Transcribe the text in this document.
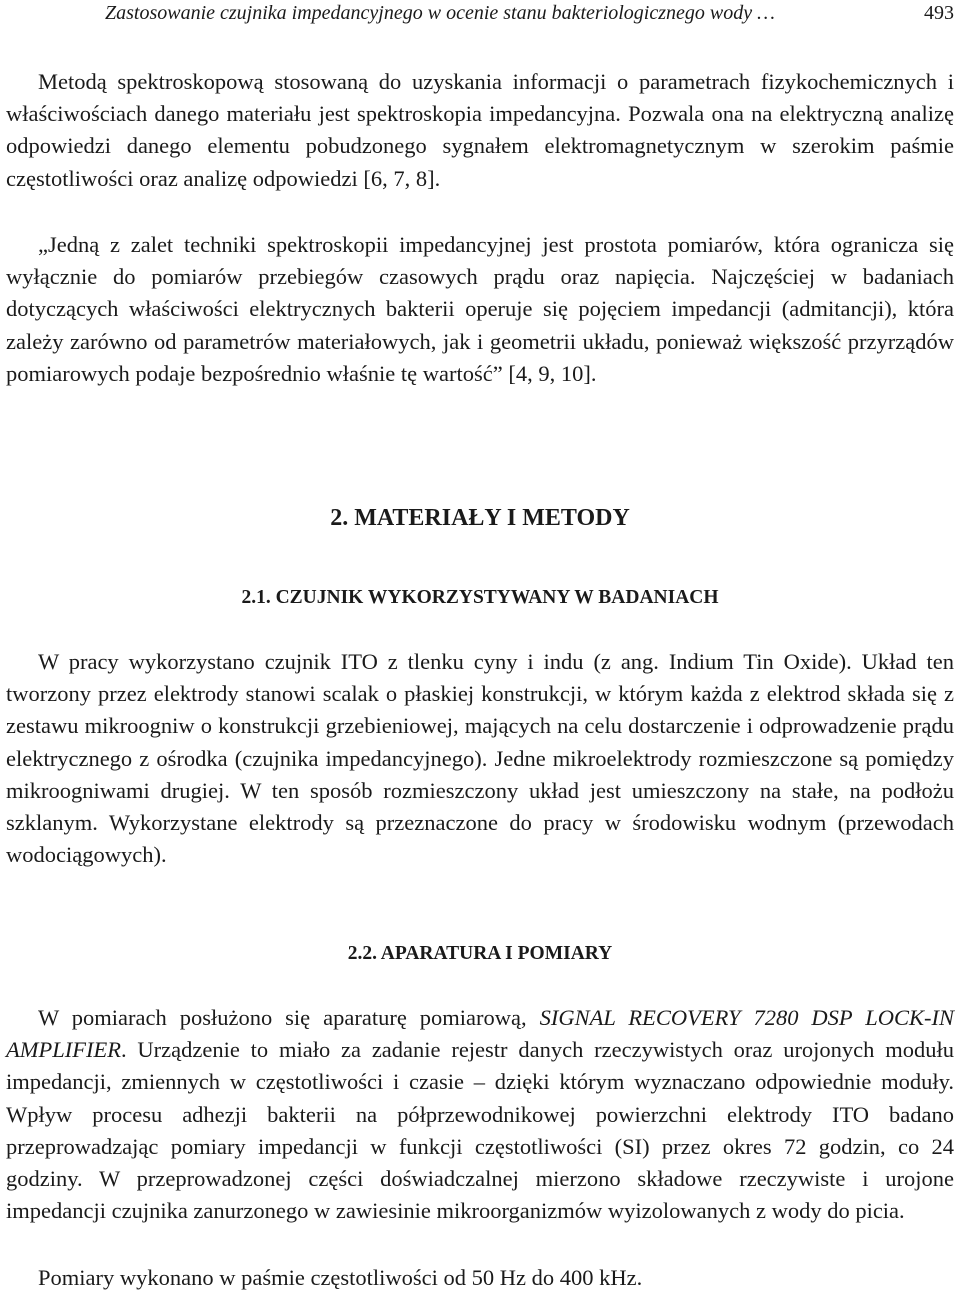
Zastosowanie czujnika impedancyjnego w ocenie stanu bakteriologicznego wody …	493

Metodą spektroskopową stosowaną do uzyskania informacji o parametrach fizykochemicznych i właściwościach danego materiału jest spektroskopia impedancyjna. Pozwala ona na elektryczną analizę odpowiedzi danego elementu pobudzonego sygnałem elektromagnetycznym w szerokim paśmie częstotliwości oraz analizę odpowiedzi [6, 7, 8].

„Jedną z zalet techniki spektroskopii impedancyjnej jest prostota pomiarów, która ogranicza się wyłącznie do pomiarów przebiegów czasowych prądu oraz napięcia. Najczęściej w badaniach dotyczących właściwości elektrycznych bakterii operuje się pojęciem impedancji (admitancji), która zależy zarówno od parametrów materiałowych, jak i geometrii układu, ponieważ większość przyrządów pomiarowych podaje bezpośrednio właśnie tę wartość” [4, 9, 10].

2. MATERIAŁY I METODY
2.1. CZUJNIK WYKORZYSTYWANY W BADANIACH

W pracy wykorzystano czujnik ITO z tlenku cyny i indu (z ang. Indium Tin Oxide). Układ ten tworzony przez elektrody stanowi scalak o płaskiej konstrukcji, w którym każda z elektrod składa się z zestawu mikroogniw o konstrukcji grzebieniowej, mających na celu dostarczenie i odprowadzenie prądu elektrycznego z ośrodka (czujnika impedancyjnego). Jedne mikroelektrody rozmieszczone są pomiędzy mikroogniwami drugiej. W ten sposób rozmieszczony układ jest umieszczony na stałe, na podłożu szklanym. Wykorzystane elektrody są przeznaczone do pracy w środowisku wodnym (przewodach wodociągowych).

2.2. APARATURA I POMIARY

W pomiarach posłużono się aparaturę pomiarową, SIGNAL RECOVERY 7280 DSP LOCK-IN AMPLIFIER. Urządzenie to miało za zadanie rejestr danych rzeczywistych oraz urojonych modułu impedancji, zmiennych w częstotliwości i czasie – dzięki którym wyznaczano odpowiednie moduły. Wpływ procesu adhezji bakterii na półprzewodnikowej powierzchni elektrody ITO badano przeprowadzając pomiary impedancji w funkcji częstotliwości (SI) przez okres 72 godzin, co 24 godziny. W przeprowadzonej części doświadczalnej mierzono składowe rzeczywiste i urojone impedancji czujnika zanurzonego w zawiesinie mikroorganizmów wyizolowanych z wody do picia.

Pomiary wykonano w paśmie częstotliwości od 50 Hz do 400 kHz.
